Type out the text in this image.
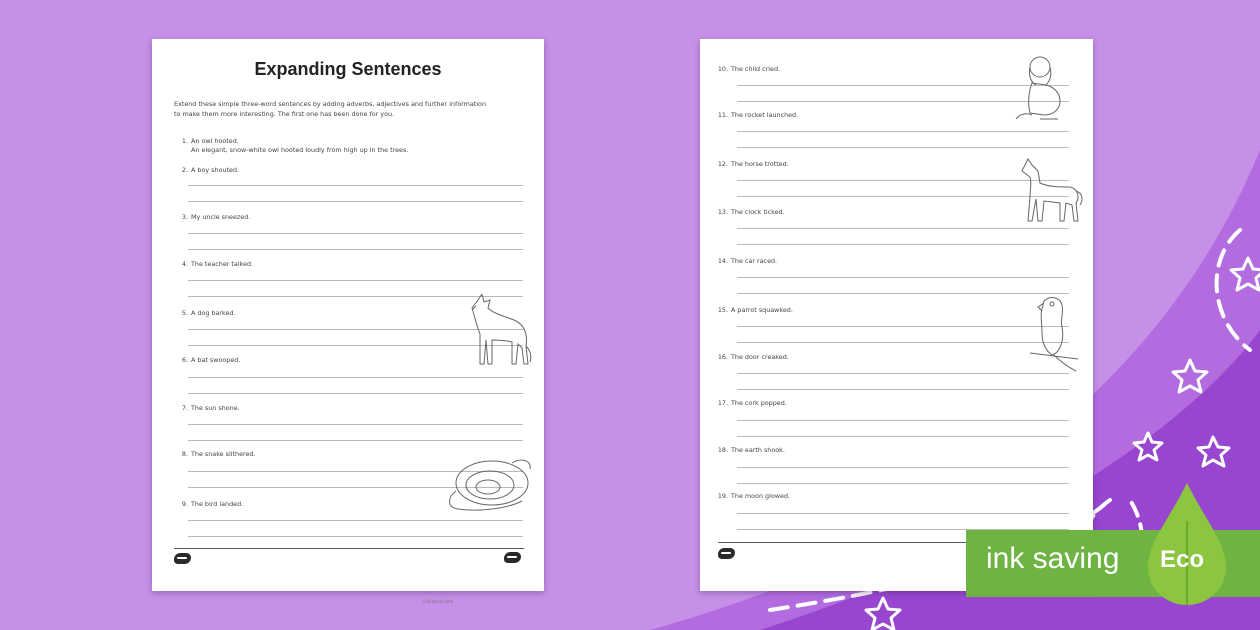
Expanding Sentences
Extend these simple three-word sentences by adding adverbs, adjectives and further information
to make them more interesting. The first one has been done for you.
1. An owl hooted.
An elegant, snow-white owl hooted loudly from high up in the trees.
2. A boy shouted.
3. My uncle sneezed.
4. The teacher talked.
5. A dog barked.
6. A bat swooped.
7. The sun shone.
8. The snake slithered.
9. The bird landed.
visit twinkl.com
10. The child cried.
11. The rocket launched.
12. The horse trotted.
13. The clock ticked.
14. The car raced.
15. A parrot squawked.
16. The door creaked.
17. The cork popped.
18. The earth shook.
19. The moon glowed.
ink saving Eco
